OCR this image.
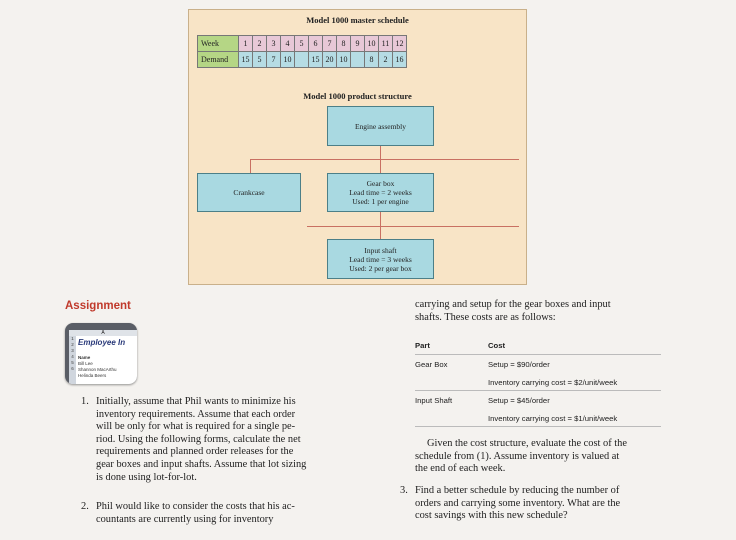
Model 1000 master schedule
Week	1	2	3	4	5	6	7	8	9	10	11	12
Demand	15	5	7	10		15	20	10		8	2	16
Model 1000 product structure
Engine assembly
Crankcase
Gear box
Lead time = 2 weeks
Used: 1 per engine
Input shaft
Lead time = 3 weeks
Used: 2 per gear box
Assignment
A
1
2
3
4
5
6
Employee In
Name
Bill Lee
Shannon MacArthu
Helinda Beers
1. Initially, assume that Phil wants to minimize his
inventory requirements. Assume that each order
will be only for what is required for a single pe-
riod. Using the following forms, calculate the net
requirements and planned order releases for the
gear boxes and input shafts. Assume that lot sizing
is done using lot-for-lot.
2. Phil would like to consider the costs that his ac-
countants are currently using for inventory
carrying and setup for the gear boxes and input
shafts. These costs are as follows:
Part	Cost
Gear Box	Setup = $90/order
Inventory carrying cost = $2/unit/week
Input Shaft	Setup = $45/order
Inventory carrying cost = $1/unit/week
Given the cost structure, evaluate the cost of the
schedule from (1). Assume inventory is valued at
the end of each week.
3. Find a better schedule by reducing the number of
orders and carrying some inventory. What are the
cost savings with this new schedule?
